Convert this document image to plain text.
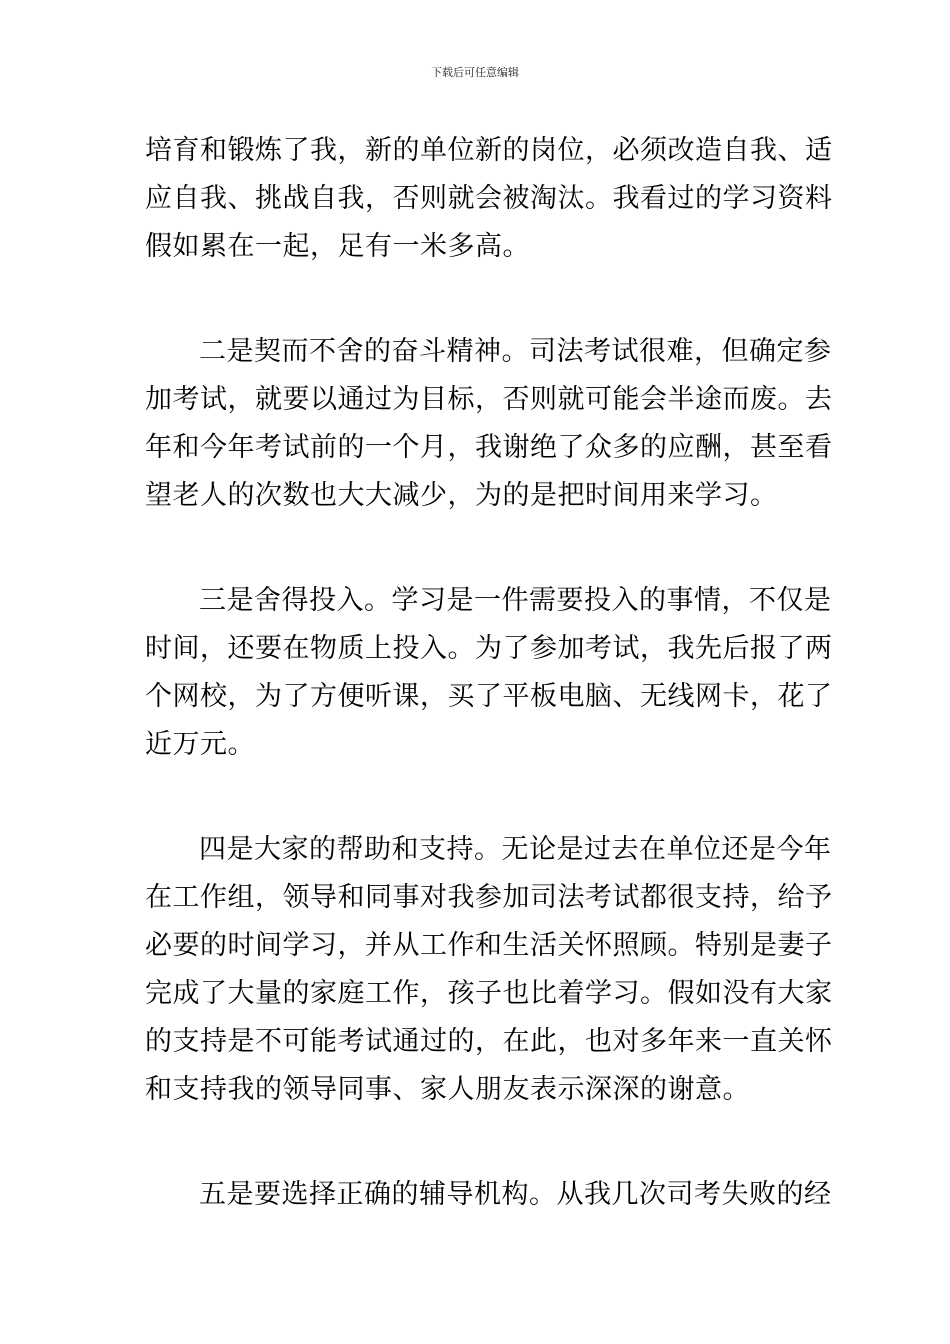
下载后可任意编辑
培育和锻炼了我，新的单位新的岗位，必须改造自我、适
应自我、挑战自我，否则就会被淘汰。我看过的学习资料
假如累在一起，足有一米多高。
二是契而不舍的奋斗精神。司法考试很难，但确定参
加考试，就要以通过为目标，否则就可能会半途而废。去
年和今年考试前的一个月，我谢绝了众多的应酬，甚至看
望老人的次数也大大减少，为的是把时间用来学习。
三是舍得投入。学习是一件需要投入的事情，不仅是
时间，还要在物质上投入。为了参加考试，我先后报了两
个网校，为了方便听课，买了平板电脑、无线网卡，花了
近万元。
四是大家的帮助和支持。无论是过去在单位还是今年
在工作组，领导和同事对我参加司法考试都很支持，给予
必要的时间学习，并从工作和生活关怀照顾。特别是妻子
完成了大量的家庭工作，孩子也比着学习。假如没有大家
的支持是不可能考试通过的，在此，也对多年来一直关怀
和支持我的领导同事、家人朋友表示深深的谢意。
五是要选择正确的辅导机构。从我几次司考失败的经
